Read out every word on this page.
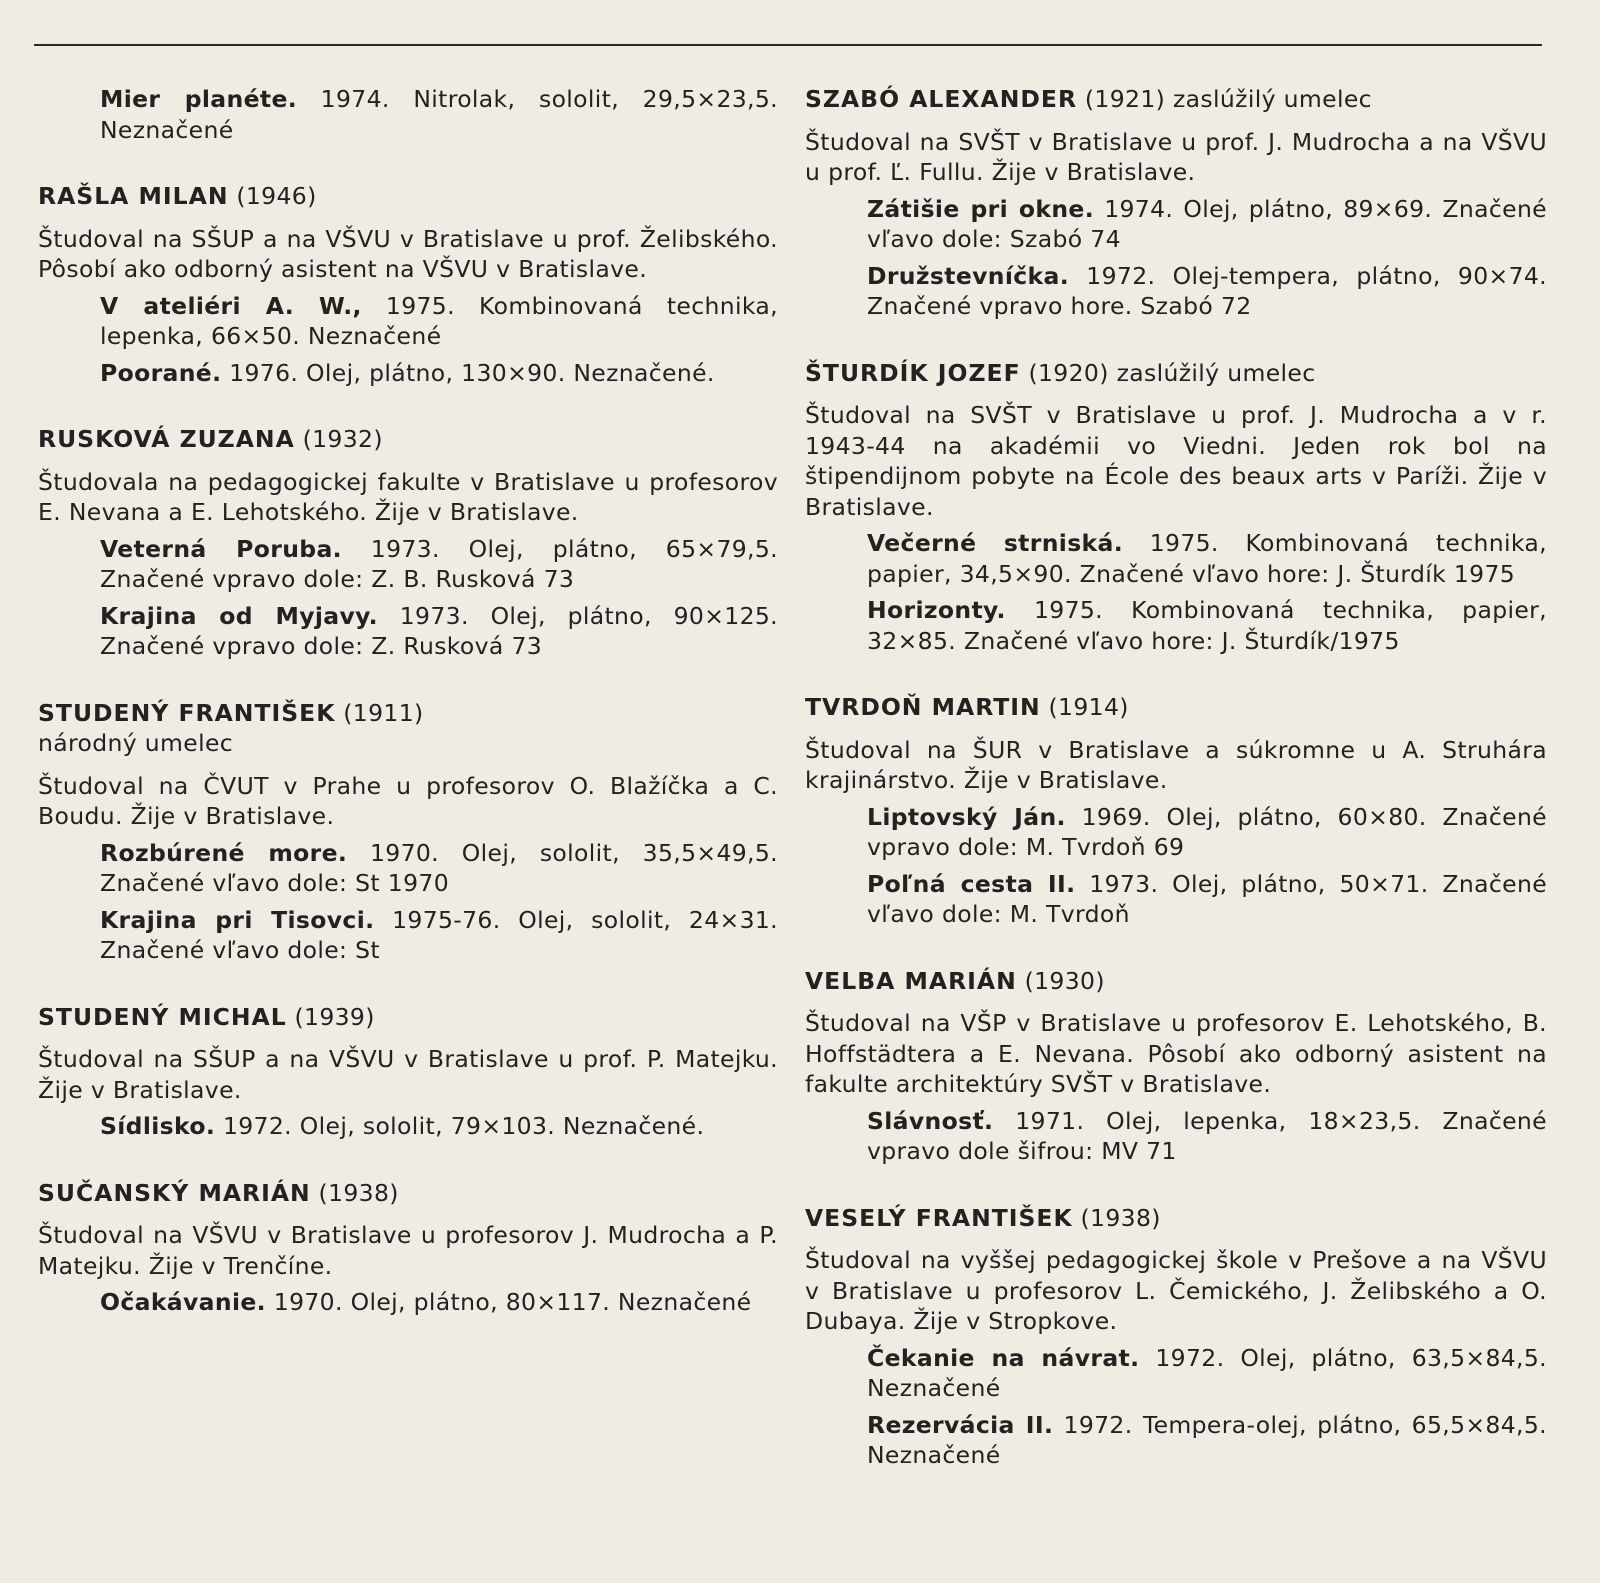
Mier planéte. 1974. Nitrolak, sololit, 29,5×23,5. Neznačené

RAŠLA MILAN (1946)

Študoval na SŠUP a na VŠVU v Bratislave u prof. Želibského. Pôsobí ako odborný asistent na VŠVU v Bratislave.

V ateliéri A. W., 1975. Kombinovaná technika, lepenka, 66×50. Neznačené

Poorané. 1976. Olej, plátno, 130×90. Neznačené.

RUSKOVÁ ZUZANA (1932)

Študovala na pedagogickej fakulte v Bratislave u profesorov E. Nevana a E. Lehotského. Žije v Bratislave.

Veterná Poruba. 1973. Olej, plátno, 65×79,5. Značené vpravo dole: Z. B. Rusková 73

Krajina od Myjavy. 1973. Olej, plátno, 90×125. Značené vpravo dole: Z. Rusková 73

STUDENÝ FRANTIŠEK (1911)

národný umelec

Študoval na ČVUT v Prahe u profesorov O. Blažíčka a C. Boudu. Žije v Bratislave.

Rozbúrené more. 1970. Olej, sololit, 35,5×49,5. Značené vľavo dole: St 1970

Krajina pri Tisovci. 1975-76. Olej, sololit, 24×31. Značené vľavo dole: St

STUDENÝ MICHAL (1939)

Študoval na SŠUP a na VŠVU v Bratislave u prof. P. Matejku. Žije v Bratislave.

Sídlisko. 1972. Olej, sololit, 79×103. Neznačené.

SUČANSKÝ MARIÁN (1938)

Študoval na VŠVU v Bratislave u profesorov J. Mudrocha a P. Matejku. Žije v Trenčíne.

Očakávanie. 1970. Olej, plátno, 80×117. Neznačené

SZABÓ ALEXANDER (1921) zaslúžilý umelec

Študoval na SVŠT v Bratislave u prof. J. Mudrocha a na VŠVU u prof. Ľ. Fullu. Žije v Bratislave.

Zátišie pri okne. 1974. Olej, plátno, 89×69. Značené vľavo dole: Szabó 74

Družstevníčka. 1972. Olej-tempera, plátno, 90×74. Značené vpravo hore. Szabó 72

ŠTURDÍK JOZEF (1920) zaslúžilý umelec

Študoval na SVŠT v Bratislave u prof. J. Mudrocha a v r. 1943-44 na akadémii vo Viedni. Jeden rok bol na štipendijnom pobyte na École des beaux arts v Paríži. Žije v Bratislave.

Večerné strniská. 1975. Kombinovaná technika, papier, 34,5×90. Značené vľavo hore: J. Šturdík 1975

Horizonty. 1975. Kombinovaná technika, papier, 32×85. Značené vľavo hore: J. Šturdík/1975

TVRDOŇ MARTIN (1914)

Študoval na ŠUR v Bratislave a súkromne u A. Struhára krajinárstvo. Žije v Bratislave.

Liptovský Ján. 1969. Olej, plátno, 60×80. Značené vpravo dole: M. Tvrdoň 69

Poľná cesta II. 1973. Olej, plátno, 50×71. Značené vľavo dole: M. Tvrdoň

VELBA MARIÁN (1930)

Študoval na VŠP v Bratislave u profesorov E. Lehotského, B. Hoffstädtera a E. Nevana. Pôsobí ako odborný asistent na fakulte architektúry SVŠT v Bratislave.

Slávnosť. 1971. Olej, lepenka, 18×23,5. Značené vpravo dole šifrou: MV 71

VESELÝ FRANTIŠEK (1938)

Študoval na vyššej pedagogickej škole v Prešove a na VŠVU v Bratislave u profesorov L. Čemického, J. Želibského a O. Dubaya. Žije v Stropkove.

Čekanie na návrat. 1972. Olej, plátno, 63,5×84,5. Neznačené

Rezervácia II. 1972. Tempera-olej, plátno, 65,5×84,5. Neznačené
